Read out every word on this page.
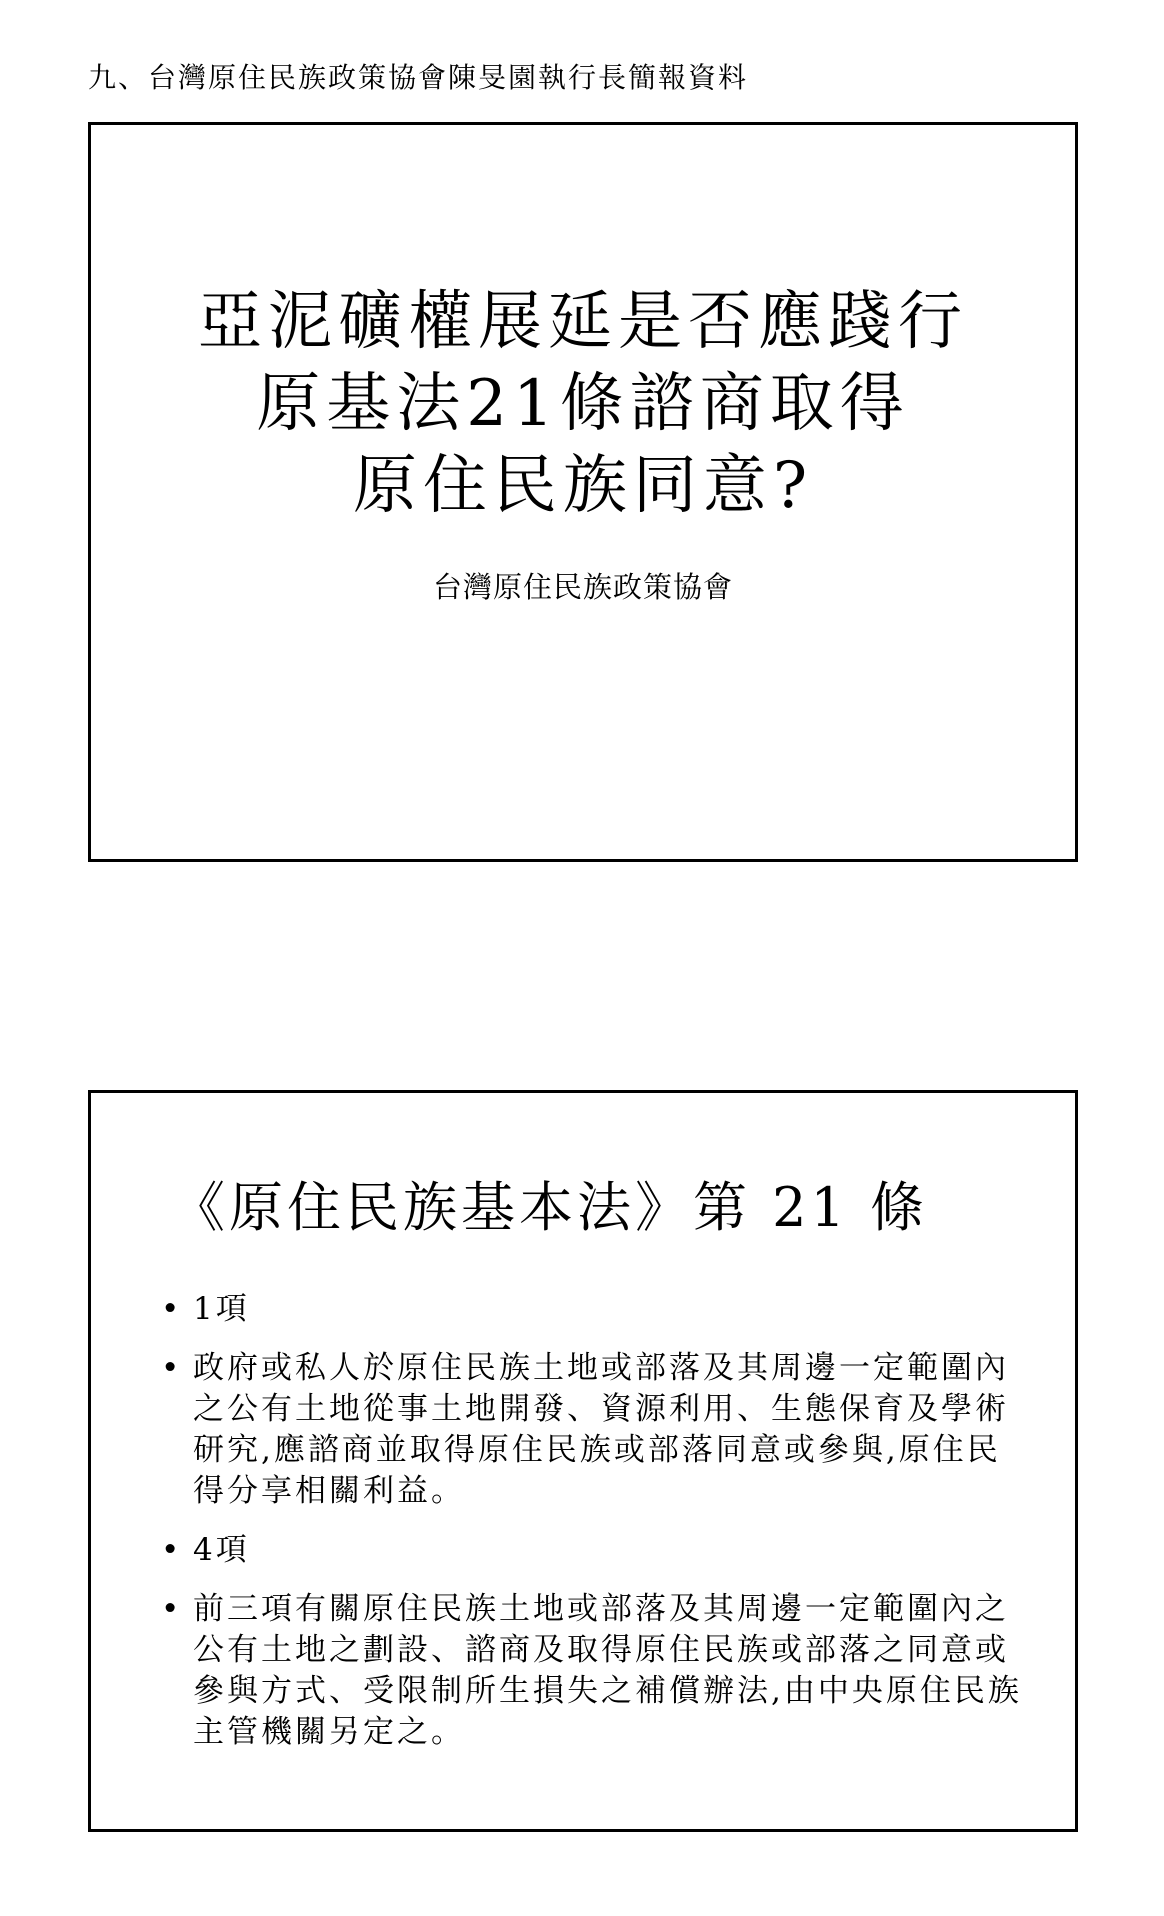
九、台灣原住民族政策協會陳旻園執行長簡報資料
亞泥礦權展延是否應踐行
原基法21條諮商取得
原住民族同意?
台灣原住民族政策協會
《原住民族基本法》第 21 條
• 1項
• 政府或私人於原住民族土地或部落及其周邊一定範圍內之公有土地從事土地開發、資源利用、生態保育及學術研究,應諮商並取得原住民族或部落同意或參與,原住民得分享相關利益。
• 4項
• 前三項有關原住民族土地或部落及其周邊一定範圍內之公有土地之劃設、諮商及取得原住民族或部落之同意或參與方式、受限制所生損失之補償辦法,由中央原住民族主管機關另定之。
